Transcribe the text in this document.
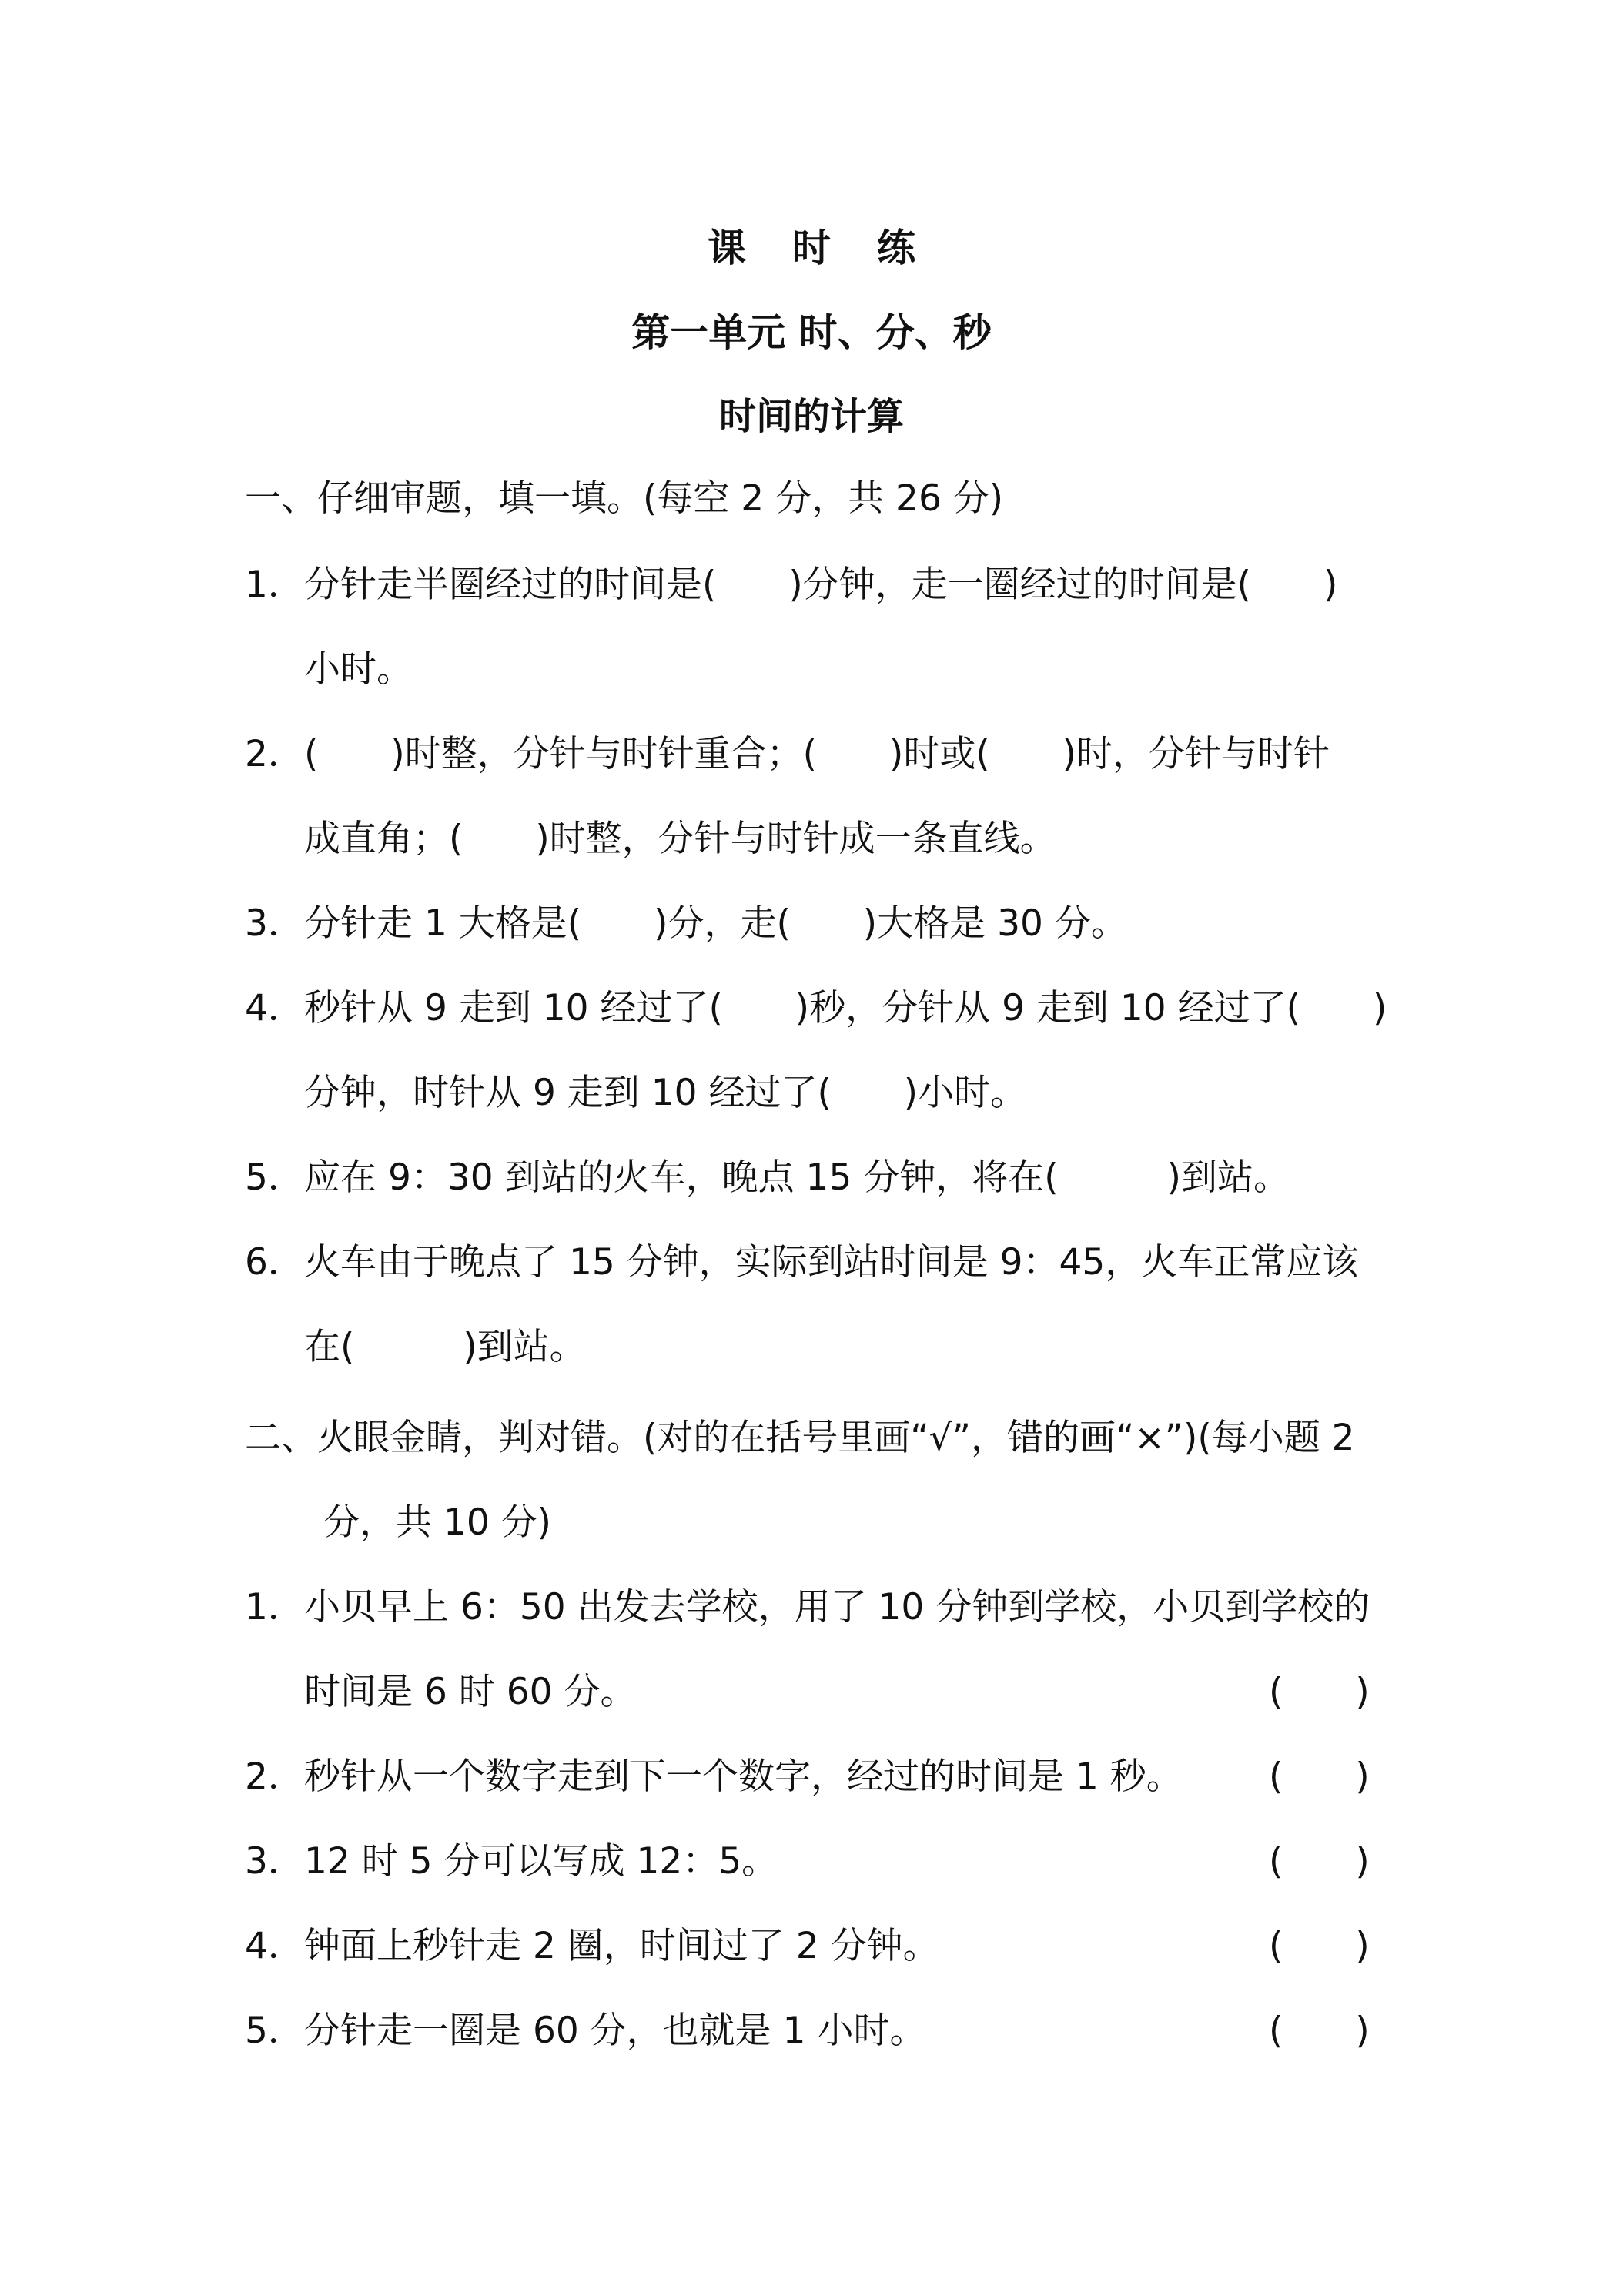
课时练
第一单元 时、分、秒
时间的计算
一、仔细审题，填一填。(每空 2 分，共 26 分)
1．分针走半圈经过的时间是(　　)分钟，走一圈经过的时间是(　　)
小时。
2．(　　)时整，分针与时针重合；(　　)时或(　　)时，分针与时针
成直角；(　　)时整，分针与时针成一条直线。
3．分针走 1 大格是(　　)分，走(　　)大格是 30 分。
4．秒针从 9 走到 10 经过了(　　)秒，分针从 9 走到 10 经过了(　　)
分钟，时针从 9 走到 10 经过了(　　)小时。
5．应在 9：30 到站的火车，晚点 15 分钟，将在(　　　)到站。
6．火车由于晚点了 15 分钟，实际到站时间是 9：45，火车正常应该
在(　　　)到站。
二、火眼金睛，判对错。(对的在括号里画“√”，错的画“×”)(每小题 2
分，共 10 分)
1．小贝早上 6：50 出发去学校，用了 10 分钟到学校，小贝到学校的
时间是 6 时 60 分。	(　　)
2．秒针从一个数字走到下一个数字，经过的时间是 1 秒。 (　　)
3．12 时 5 分可以写成 12：5。	(　　)
4．钟面上秒针走 2 圈，时间过了 2 分钟。	(　　)
5．分针走一圈是 60 分，也就是 1 小时。	(　　)
